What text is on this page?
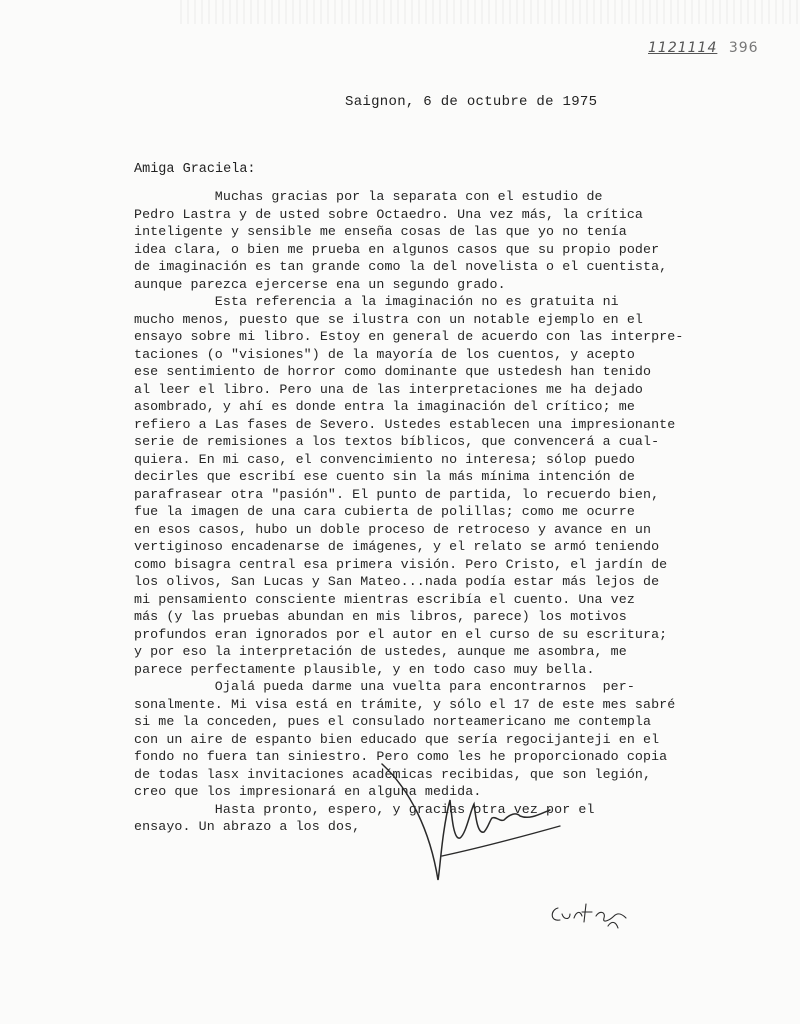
1121114 396
Saignon, 6 de octubre de 1975
Amiga Graciela:
Muchas gracias por la separata con el estudio de
Pedro Lastra y de usted sobre Octaedro. Una vez más, la crítica
inteligente y sensible me enseña cosas de las que yo no tenía
idea clara, o bien me prueba en algunos casos que su propio poder
de imaginación es tan grande como la del novelista o el cuentista,
aunque parezca ejercerse ena un segundo grado.
Esta referencia a la imaginación no es gratuita ni
mucho menos, puesto que se ilustra con un notable ejemplo en el
ensayo sobre mi libro. Estoy en general de acuerdo con las interpre-
taciones (o "visiones") de la mayoría de los cuentos, y acepto
ese sentimiento de horror como dominante que ustedesh han tenido
al leer el libro. Pero una de las interpretaciones me ha dejado
asombrado, y ahí es donde entra la imaginación del crítico; me
refiero a Las fases de Severo. Ustedes establecen una impresionante
serie de remisiones a los textos bíblicos, que convencerá a cual-
quiera. En mi caso, el convencimiento no interesa; sólop puedo
decirles que escribí ese cuento sin la más mínima intención de
parafrasear otra "pasión". El punto de partida, lo recuerdo bien,
fue la imagen de una cara cubierta de polillas; como me ocurre
en esos casos, hubo un doble proceso de retroceso y avance en un
vertiginoso encadenarse de imágenes, y el relato se armó teniendo
como bisagra central esa primera visión. Pero Cristo, el jardín de
los olivos, San Lucas y San Mateo...nada podía estar más lejos de
mi pensamiento consciente mientras escribía el cuento. Una vez
más (y las pruebas abundan en mis libros, parece) los motivos
profundos eran ignorados por el autor en el curso de su escritura;
y por eso la interpretación de ustedes, aunque me asombra, me
parece perfectamente plausible, y en todo caso muy bella.
Ojalá pueda darme una vuelta para encontrarnos  per-
sonalmente. Mi visa está en trámite, y sólo el 17 de este mes sabré
si me la conceden, pues el consulado norteamericano me contempla
con un aire de espanto bien educado que sería regocijanteji en el
fondo no fuera tan siniestro. Pero como les he proporcionado copia
de todas lasx invitaciones académicas recibidas, que son legión,
creo que los impresionará en alguna medida.
Hasta pronto, espero, y gracias otra vez por el
ensayo. Un abrazo a los dos,
